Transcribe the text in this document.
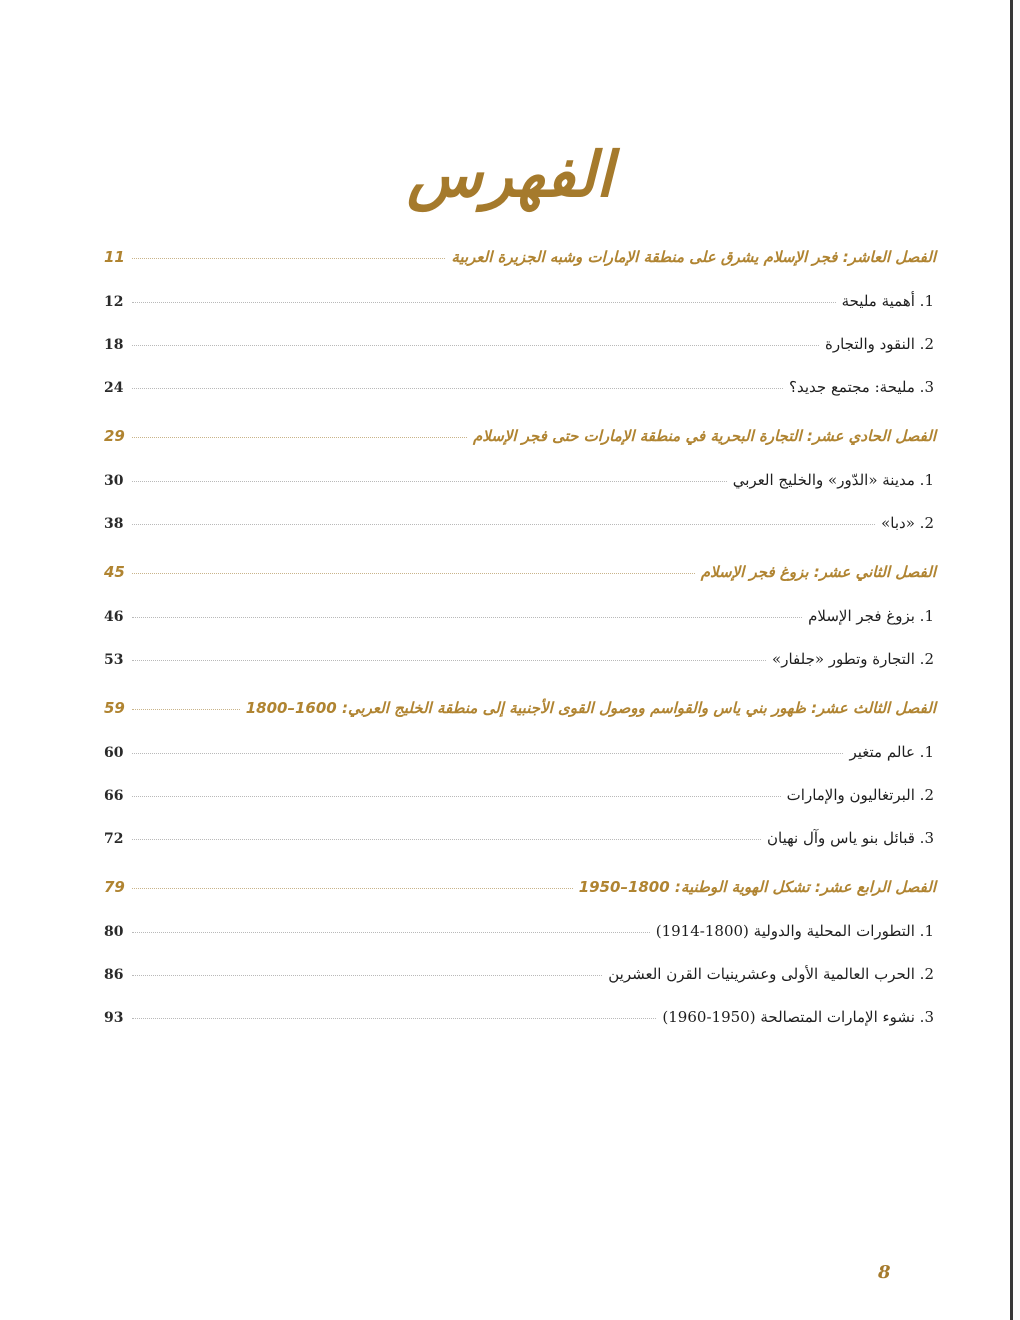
الفهرس
الفصل العاشر: فجر الإسلام يشرق على منطقة الإمارات وشبه الجزيرة العربية
11
1. أهمية مليحة
12
2. النقود والتجارة
18
3. مليحة: مجتمع جديد؟
24
الفصل الحادي عشر: التجارة البحرية في منطقة الإمارات حتى فجر الإسلام
29
1. مدينة «الدّور» والخليج العربي
30
2. «دبا»
38
الفصل الثاني عشر: بزوغ فجر الإسلام
45
1. بزوغ فجر الإسلام
46
2. التجارة وتطور «جلفار»
53
الفصل الثالث عشر: ظهور بني ياس والقواسم ووصول القوى الأجنبية إلى منطقة الخليج العربي: 1600–1800
59
1. عالم متغير
60
2. البرتغاليون والإمارات
66
3. قبائل بنو ياس وآل نهيان
72
الفصل الرابع عشر: تشكل الهوية الوطنية: 1800–1950
79
1. التطورات المحلية والدولية (1800-1914)
80
2. الحرب العالمية الأولى وعشرينيات القرن العشرين
86
3. نشوء الإمارات المتصالحة (1950-1960)
93
8
